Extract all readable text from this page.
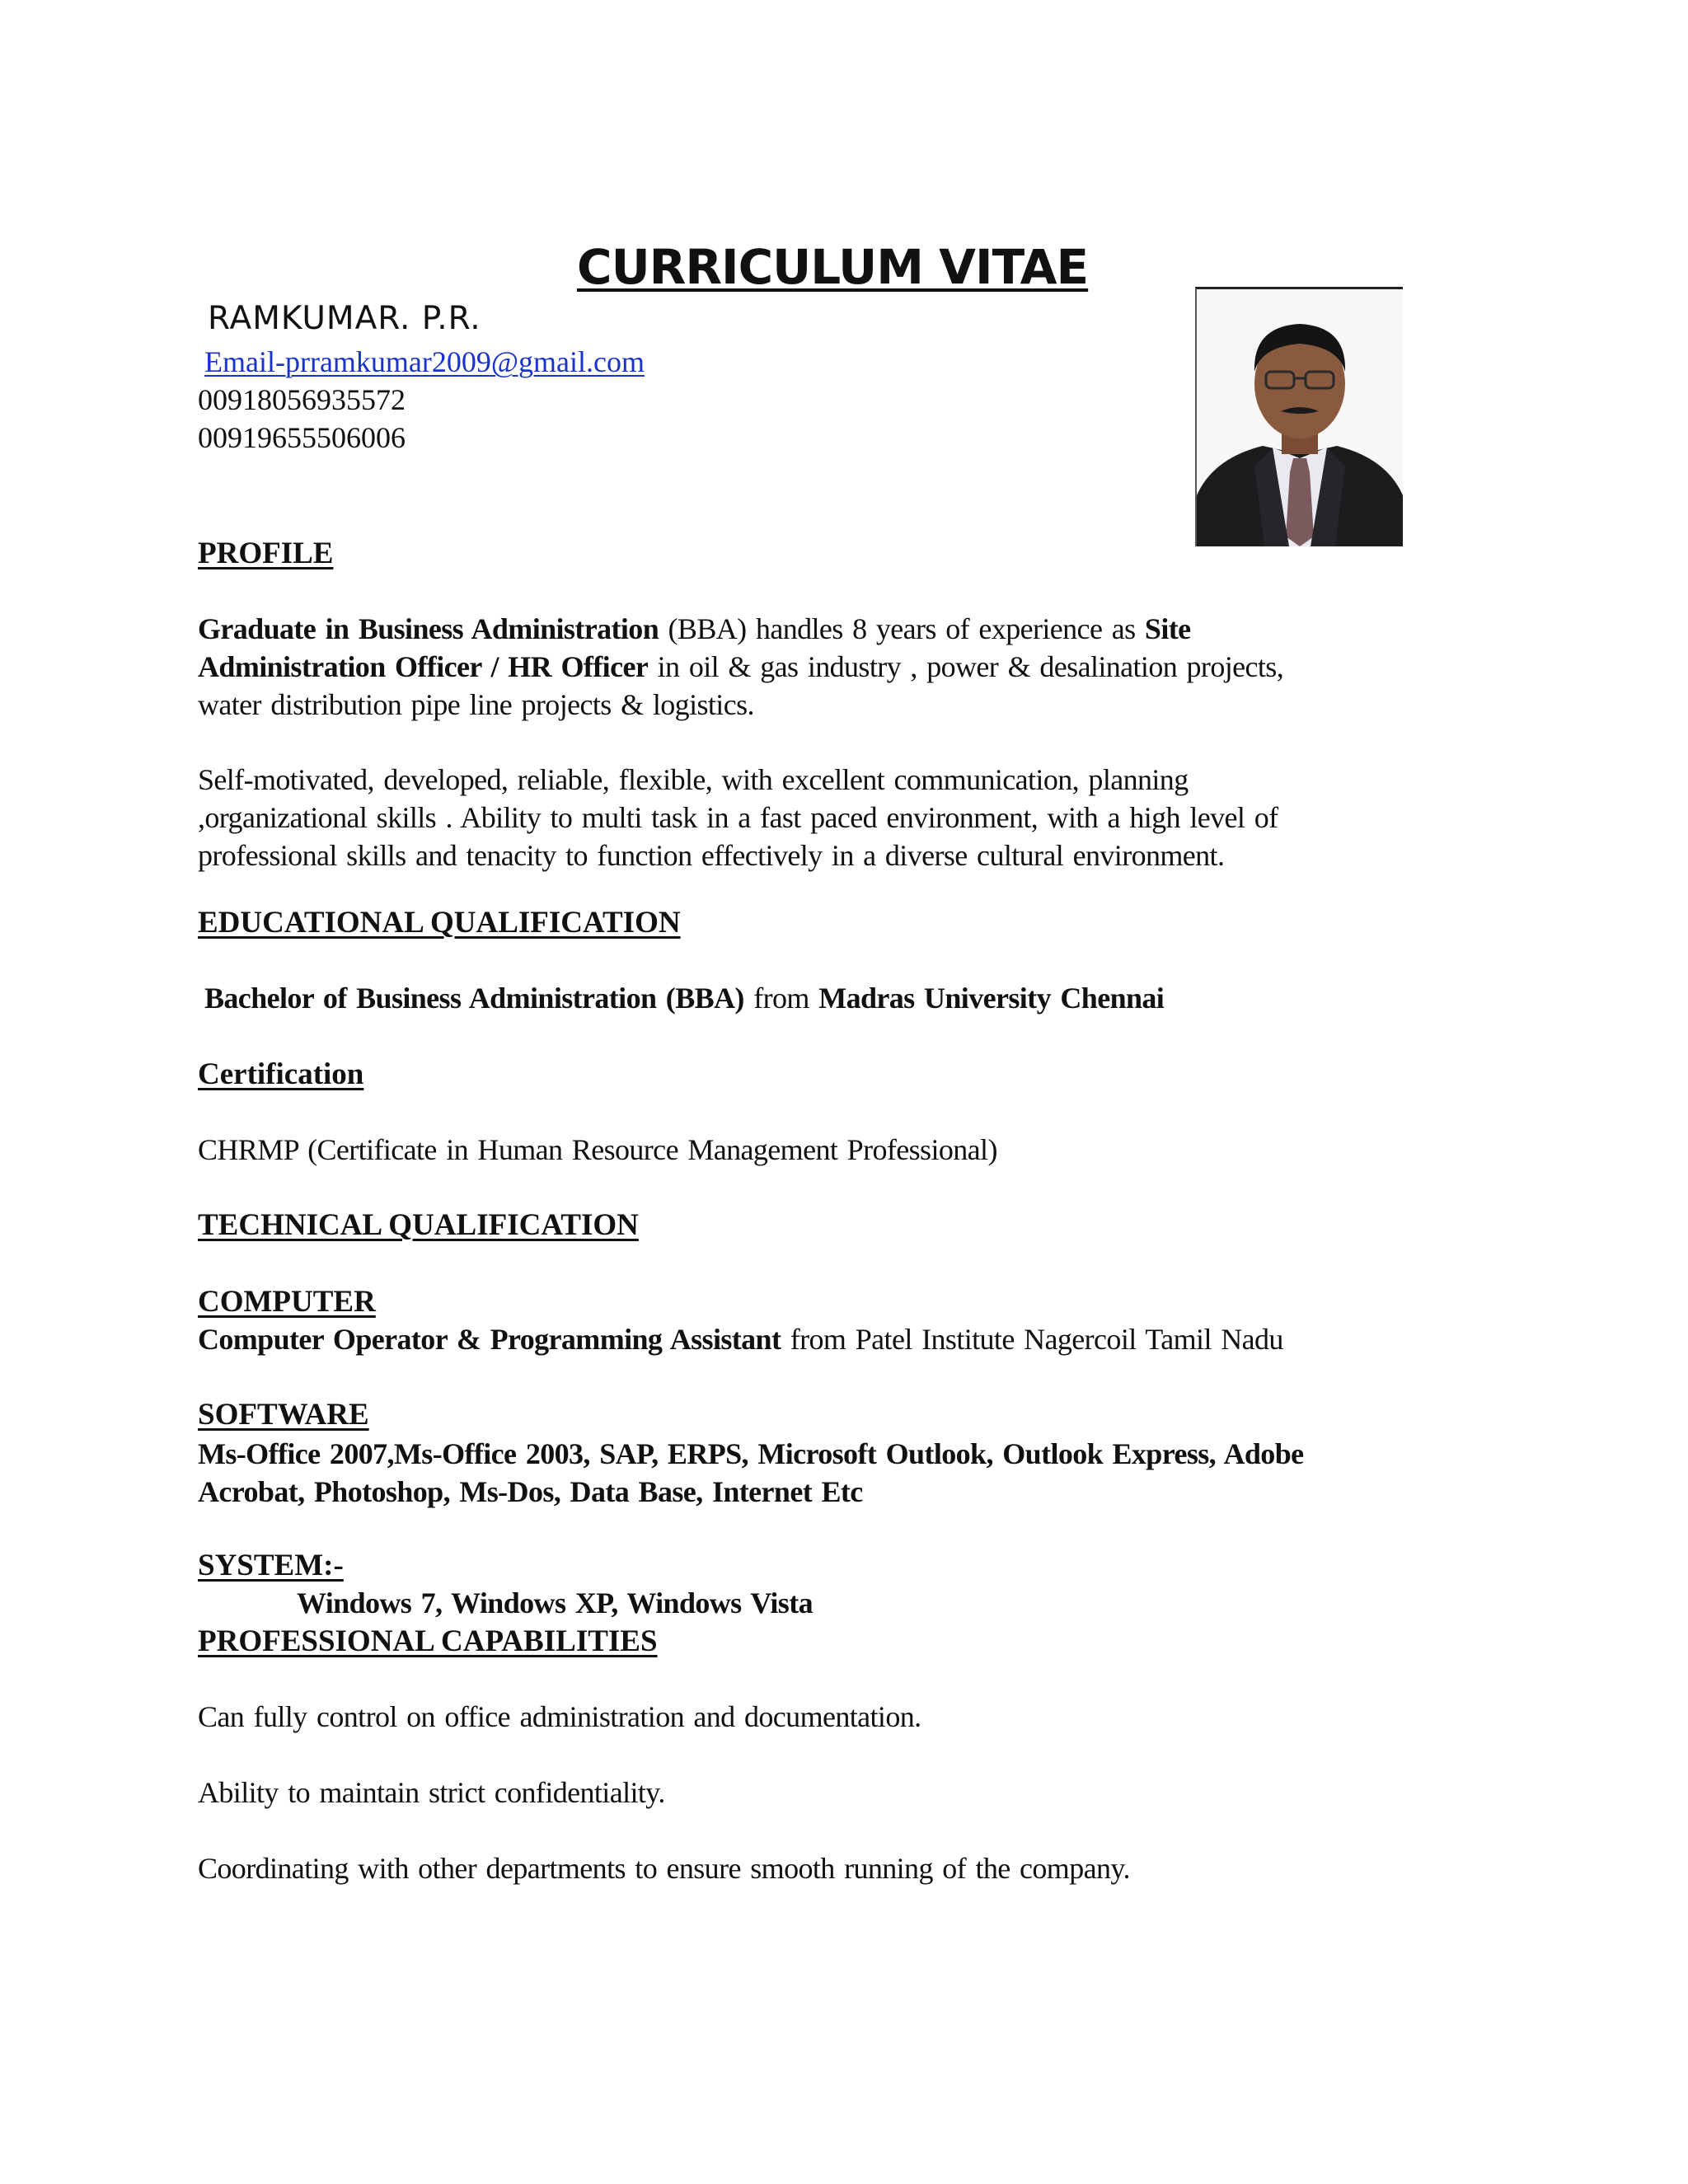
CURRICULUM VITAE
RAMKUMAR. P.R.
Email-prramkumar2009@gmail.com
00918056935572
00919655506006
PROFILE
Graduate in Business Administration (BBA) handles 8 years of experience as Site
Administration Officer / HR Officer in oil & gas industry , power & desalination projects,
water distribution pipe line projects & logistics.
Self-motivated, developed, reliable, flexible, with excellent communication, planning
,organizational skills . Ability to multi task in a fast paced environment, with a high level of
professional skills and tenacity to function effectively in a diverse cultural environment.
EDUCATIONAL QUALIFICATION
Bachelor of Business Administration (BBA) from Madras University Chennai
Certification
CHRMP (Certificate in Human Resource Management Professional)
TECHNICAL QUALIFICATION
COMPUTER
Computer Operator & Programming Assistant from Patel Institute Nagercoil Tamil Nadu
SOFTWARE
Ms-Office 2007,Ms-Office 2003, SAP, ERPS, Microsoft Outlook, Outlook Express, Adobe
Acrobat, Photoshop, Ms-Dos, Data Base, Internet Etc
SYSTEM:-
Windows 7, Windows XP, Windows Vista
PROFESSIONAL CAPABILITIES
Can fully control on office administration and documentation.
Ability to maintain strict confidentiality.
Coordinating with other departments to ensure smooth running of the company.
